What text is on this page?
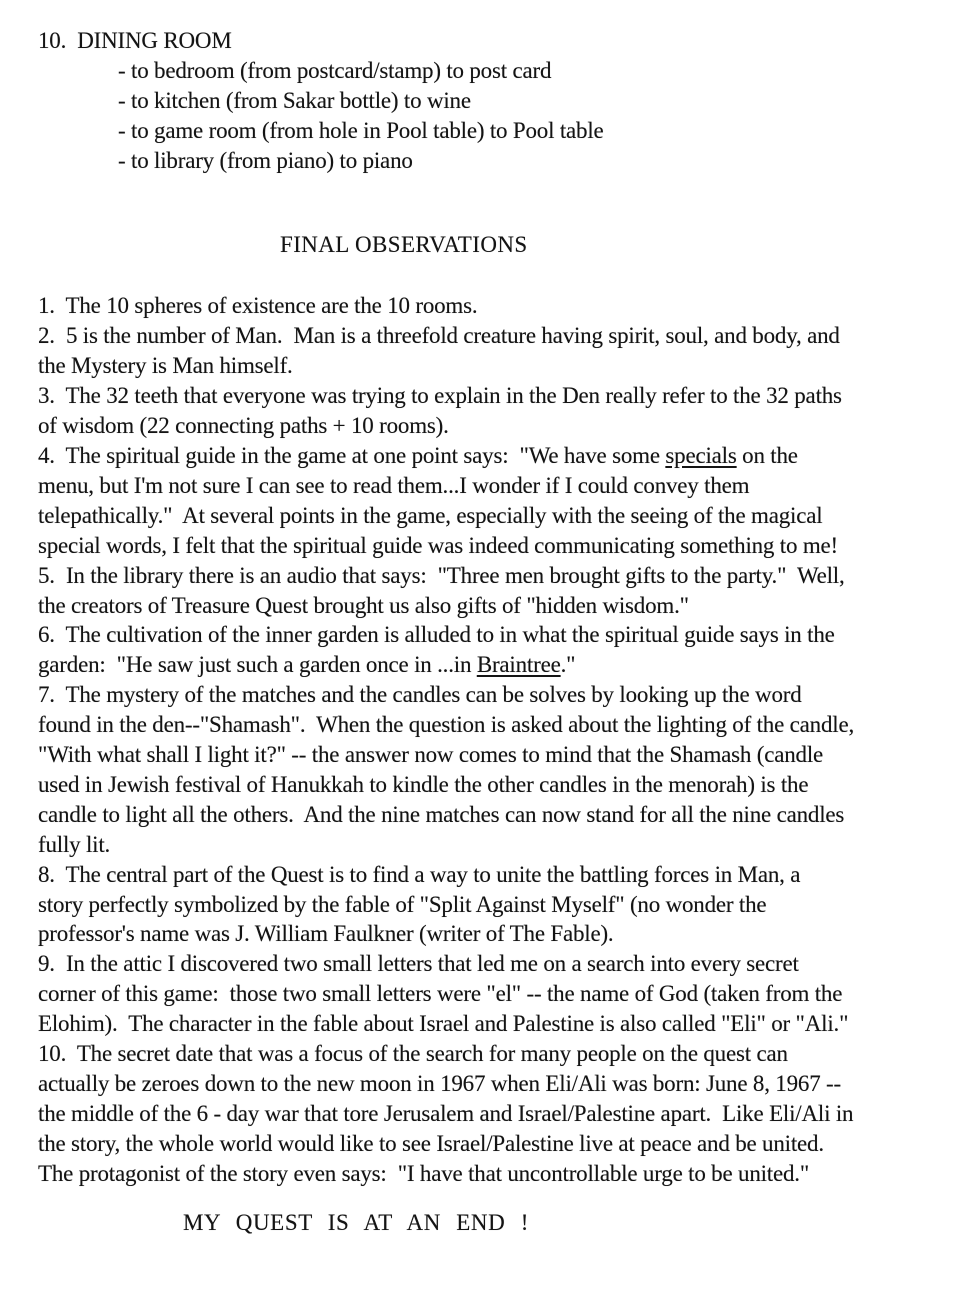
10.  DINING ROOM
- to bedroom (from postcard/stamp) to post card
- to kitchen (from Sakar bottle) to wine
- to game room (from hole in Pool table) to Pool table
- to library (from piano) to piano
FINAL OBSERVATIONS
1.  The 10 spheres of existence are the 10 rooms.
2.  5 is the number of Man.  Man is a threefold creature having spirit, soul, and body, and
the Mystery is Man himself.
3.  The 32 teeth that everyone was trying to explain in the Den really refer to the 32 paths
of wisdom (22 connecting paths + 10 rooms).
4.  The spiritual guide in the game at one point says:  "We have some specials on the
menu, but I'm not sure I can see to read them...I wonder if I could convey them
telepathically."  At several points in the game, especially with the seeing of the magical
special words, I felt that the spiritual guide was indeed communicating something to me!
5.  In the library there is an audio that says:  "Three men brought gifts to the party."  Well,
the creators of Treasure Quest brought us also gifts of "hidden wisdom."
6.  The cultivation of the inner garden is alluded to in what the spiritual guide says in the
garden:  "He saw just such a garden once in ...in Braintree."
7.  The mystery of the matches and the candles can be solves by looking up the word
found in the den--"Shamash".  When the question is asked about the lighting of the candle,
"With what shall I light it?" -- the answer now comes to mind that the Shamash (candle
used in Jewish festival of Hanukkah to kindle the other candles in the menorah) is the
candle to light all the others.  And the nine matches can now stand for all the nine candles
fully lit.
8.  The central part of the Quest is to find a way to unite the battling forces in Man, a
story perfectly symbolized by the fable of "Split Against Myself" (no wonder the
professor's name was J. William Faulkner (writer of The Fable).
9.  In the attic I discovered two small letters that led me on a search into every secret
corner of this game:  those two small letters were "el" -- the name of God (taken from the
Elohim).  The character in the fable about Israel and Palestine is also called "Eli" or "Ali."
10.  The secret date that was a focus of the search for many people on the quest can
actually be zeroes down to the new moon in 1967 when Eli/Ali was born: June 8, 1967 --
the middle of the 6 - day war that tore Jerusalem and Israel/Palestine apart.  Like Eli/Ali in
the story, the whole world would like to see Israel/Palestine live at peace and be united.
The protagonist of the story even says:  "I have that uncontrollable urge to be united."
MY QUEST IS AT AN END !
